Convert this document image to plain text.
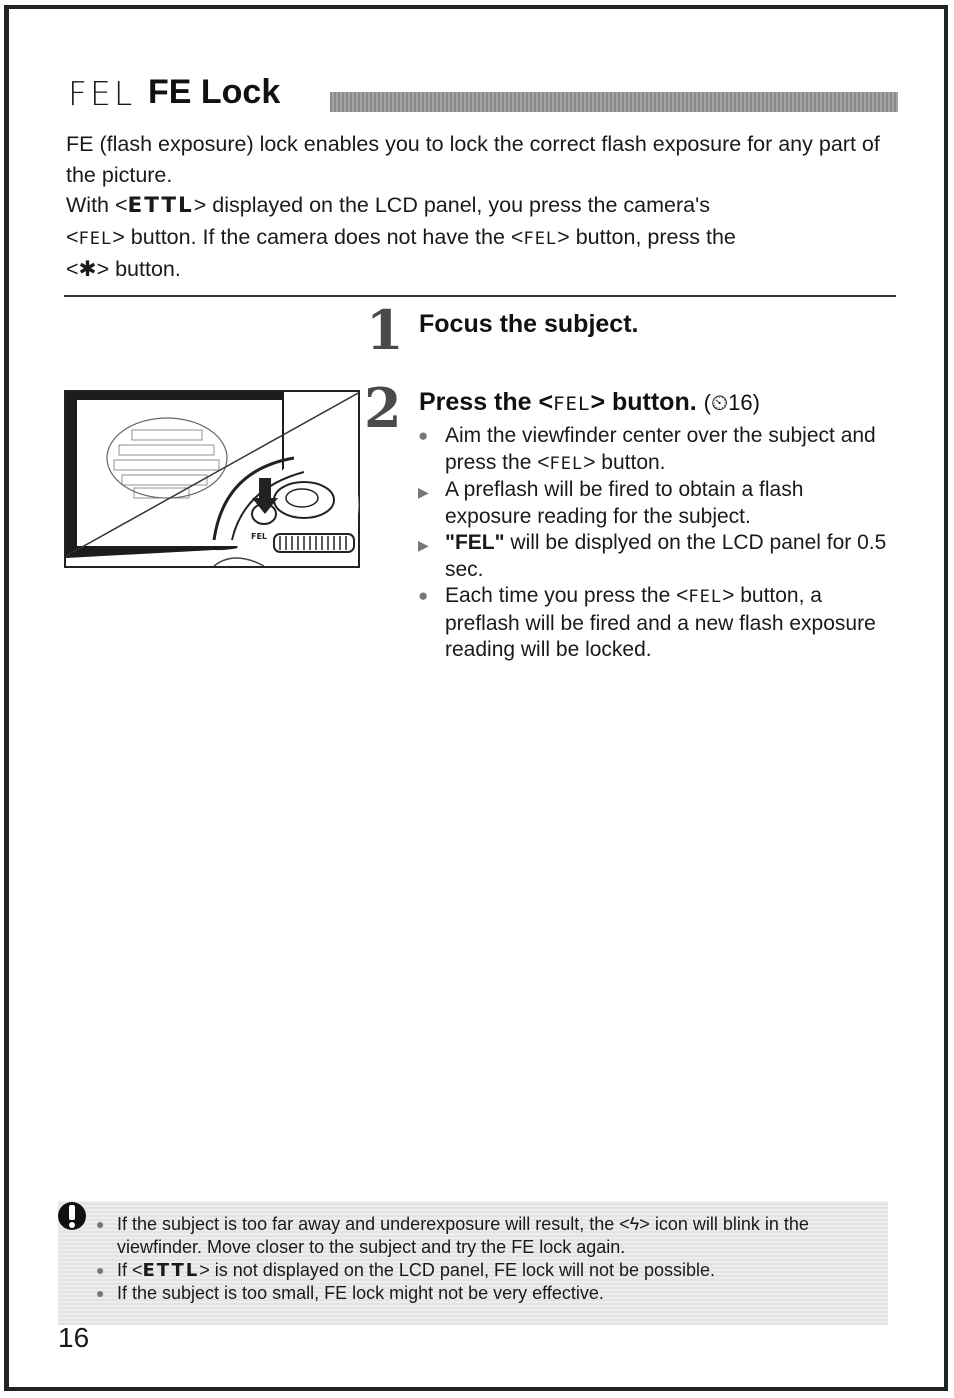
FEL FE Lock

FE (flash exposure) lock enables you to lock the correct flash exposure for any part of the picture.

With <ETTL> displayed on the LCD panel, you press the camera's
<FEL> button. If the camera does not have the <FEL> button, press the
<✱> button.

1 Focus the subject.
2 Press the <FEL> button. (⏲16)
● Aim the viewfinder center over the subject and press the <FEL> button.
▶ A preflash will be fired to obtain a flash exposure reading for the subject.
▶ "FEL" will be displyed on the LCD panel for 0.5 sec.
● Each time you press the <FEL> button, a preflash will be fired and a new flash exposure reading will be locked.
FEL
● If the subject is too far away and underexposure will result, the <ϟ> icon will blink in the viewfinder. Move closer to the subject and try the FE lock again.
● If <ETTL> is not displayed on the LCD panel, FE lock will not be possible.
● If the subject is too small, FE lock might not be very effective.
16
